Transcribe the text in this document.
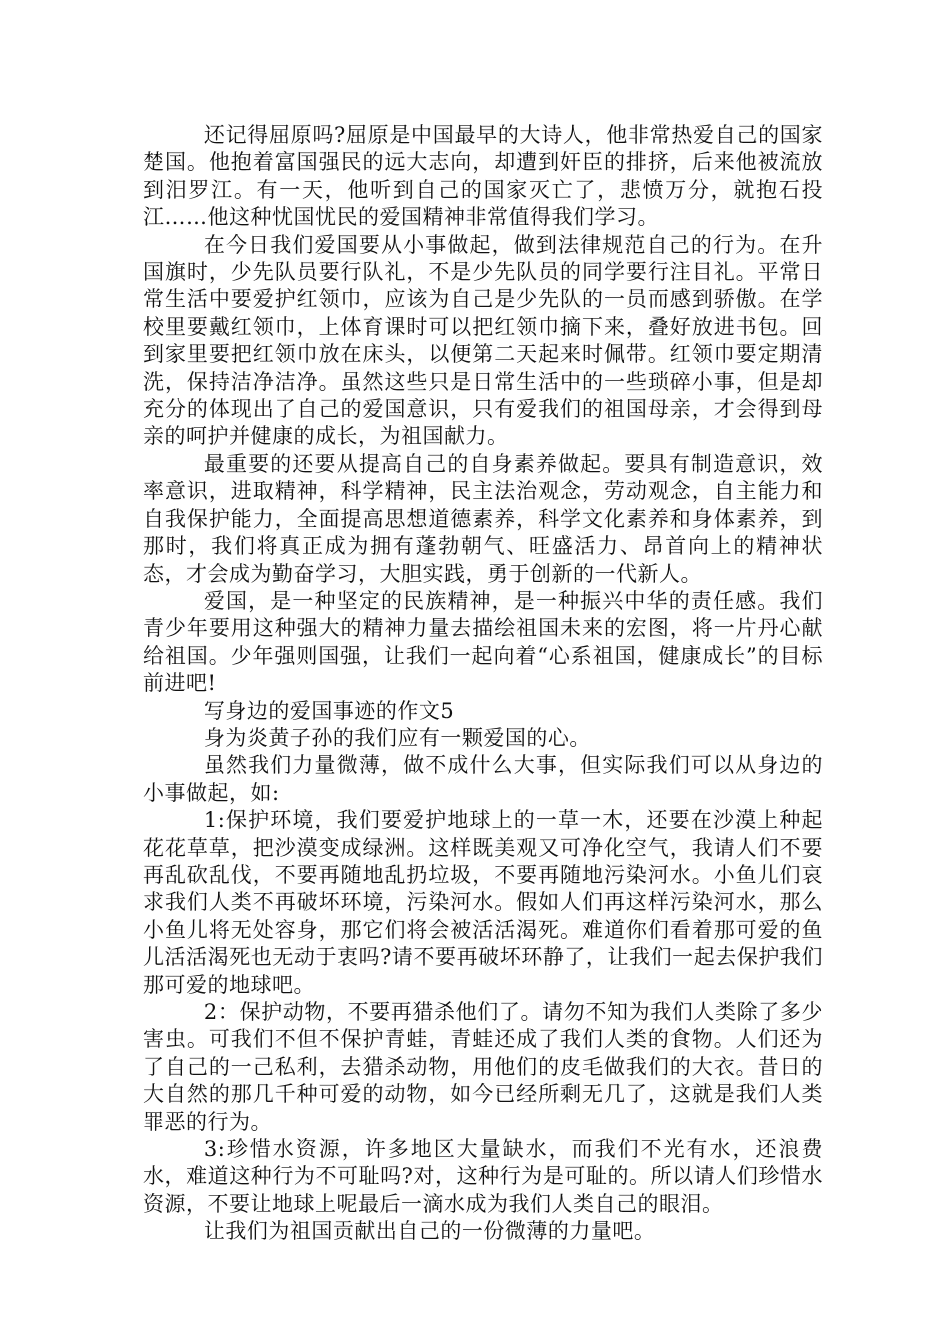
还记得屈原吗?屈原是中国最早的大诗人，他非常热爱自己的国家楚国。他抱着富国强民的远大志向，却遭到奸臣的排挤，后来他被流放到汨罗江。有一天，他听到自己的国家灭亡了，悲愤万分，就抱石投江……他这种忧国忧民的爱国精神非常值得我们学习。

在今日我们爱国要从小事做起，做到法律规范自己的行为。在升国旗时，少先队员要行队礼，不是少先队员的同学要行注目礼。平常日常生活中要爱护红领巾，应该为自己是少先队的一员而感到骄傲。在学校里要戴红领巾，上体育课时可以把红领巾摘下来，叠好放进书包。回到家里要把红领巾放在床头，以便第二天起来时佩带。红领巾要定期清洗，保持洁净洁净。虽然这些只是日常生活中的一些琐碎小事，但是却充分的体现出了自己的爱国意识，只有爱我们的祖国母亲，才会得到母亲的呵护并健康的成长，为祖国献力。

最重要的还要从提高自己的自身素养做起。要具有制造意识，效率意识，进取精神，科学精神，民主法治观念，劳动观念，自主能力和自我保护能力，全面提高思想道德素养，科学文化素养和身体素养，到那时，我们将真正成为拥有蓬勃朝气、旺盛活力、昂首向上的精神状态，才会成为勤奋学习，大胆实践，勇于创新的一代新人。

爱国，是一种坚定的民族精神，是一种振兴中华的责任感。我们青少年要用这种强大的精神力量去描绘祖国未来的宏图，将一片丹心献给祖国。少年强则国强，让我们一起向着“心系祖国，健康成长”的目标前进吧!

写身边的爱国事迹的作文5

身为炎黄子孙的我们应有一颗爱国的心。

虽然我们力量微薄，做不成什么大事，但实际我们可以从身边的小事做起，如:

1:保护环境，我们要爱护地球上的一草一木，还要在沙漠上种起花花草草，把沙漠变成绿洲。这样既美观又可净化空气，我请人们不要再乱砍乱伐，不要再随地乱扔垃圾，不要再随地污染河水。小鱼儿们哀求我们人类不再破坏环境，污染河水。假如人们再这样污染河水，那么小鱼儿将无处容身，那它们将会被活活渴死。难道你们看着那可爱的鱼儿活活渴死也无动于衷吗?请不要再破坏环静了，让我们一起去保护我们那可爱的地球吧。

2：保护动物，不要再猎杀他们了。请勿不知为我们人类除了多少害虫。可我们不但不保护青蛙，青蛙还成了我们人类的食物。人们还为了自己的一己私利，去猎杀动物，用他们的皮毛做我们的大衣。昔日的大自然的那几千种可爱的动物，如今已经所剩无几了，这就是我们人类罪恶的行为。

3:珍惜水资源，许多地区大量缺水，而我们不光有水，还浪费水，难道这种行为不可耻吗?对，这种行为是可耻的。所以请人们珍惜水资源，不要让地球上呢最后一滴水成为我们人类自己的眼泪。

让我们为祖国贡献出自己的一份微薄的力量吧。
